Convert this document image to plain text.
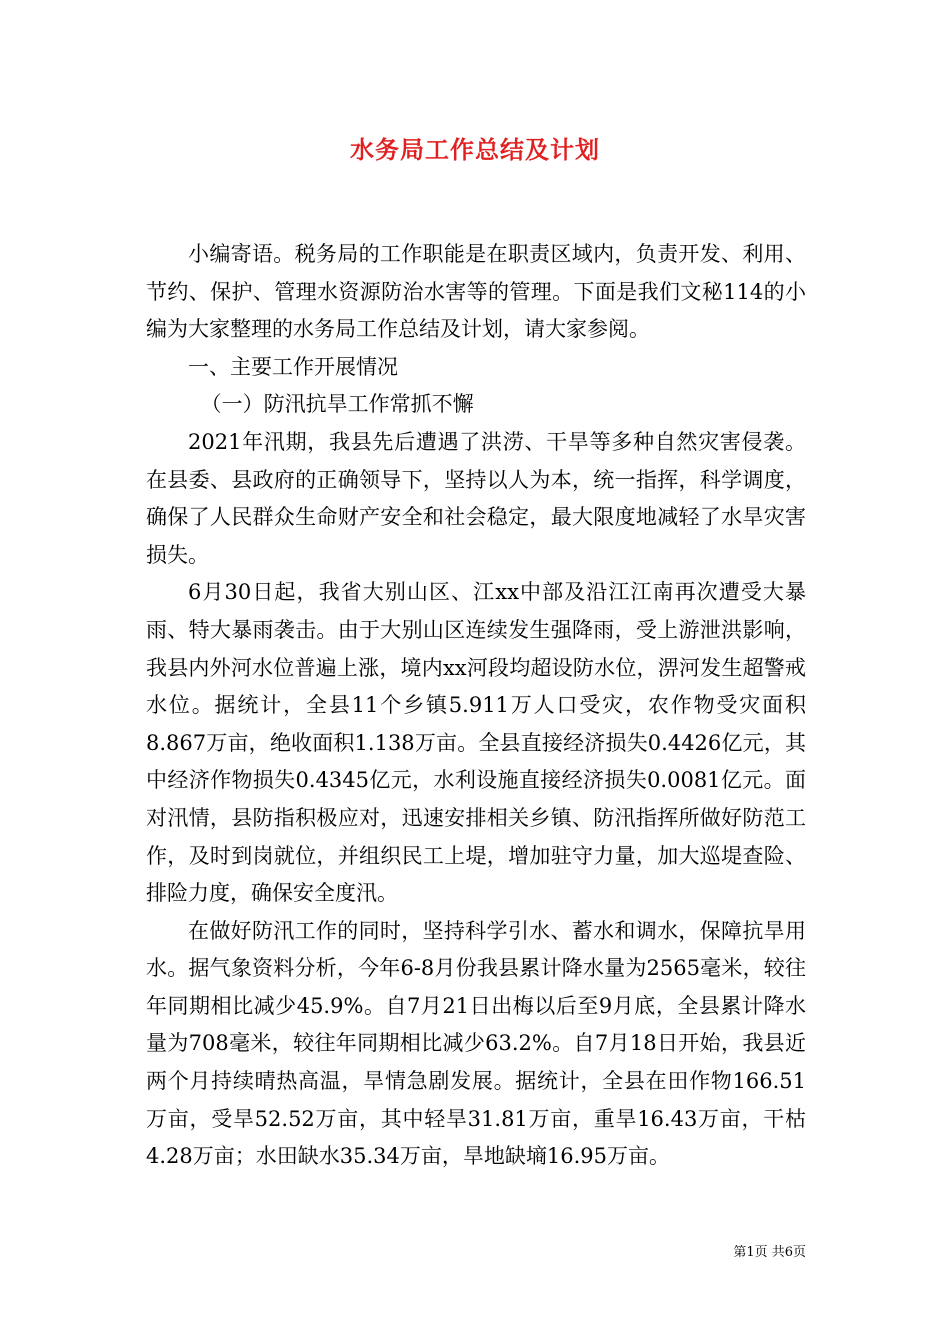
水务局工作总结及计划

小编寄语。税务局的工作职能是在职责区域内，负责开发、利用、节约、保护、管理水资源防治水害等的管理。下面是我们文秘114的小编为大家整理的水务局工作总结及计划，请大家参阅。

一、主要工作开展情况

（一）防汛抗旱工作常抓不懈

2021年汛期，我县先后遭遇了洪涝、干旱等多种自然灾害侵袭。在县委、县政府的正确领导下，坚持以人为本，统一指挥，科学调度，确保了人民群众生命财产安全和社会稳定，最大限度地减轻了水旱灾害损失。

6月30日起，我省大别山区、江xx中部及沿江江南再次遭受大暴雨、特大暴雨袭击。由于大别山区连续发生强降雨，受上游泄洪影响，我县内外河水位普遍上涨，境内xx河段均超设防水位，淠河发生超警戒水位。据统计，全县11个乡镇5.911万人口受灾，农作物受灾面积8.867万亩，绝收面积1.138万亩。全县直接经济损失0.4426亿元，其中经济作物损失0.4345亿元，水利设施直接经济损失0.0081亿元。面对汛情，县防指积极应对，迅速安排相关乡镇、防汛指挥所做好防范工作，及时到岗就位，并组织民工上堤，增加驻守力量，加大巡堤查险、排险力度，确保安全度汛。

在做好防汛工作的同时，坚持科学引水、蓄水和调水，保障抗旱用水。据气象资料分析，今年6-8月份我县累计降水量为2565毫米，较往年同期相比减少45.9%。自7月21日出梅以后至9月底，全县累计降水量为708毫米，较往年同期相比减少63.2%。自7月18日开始，我县近两个月持续晴热高温，旱情急剧发展。据统计，全县在田作物166.51万亩，受旱52.52万亩，其中轻旱31.81万亩，重旱16.43万亩，干枯4.28万亩；水田缺水35.34万亩，旱地缺墒16.95万亩。

第1页 共6页
